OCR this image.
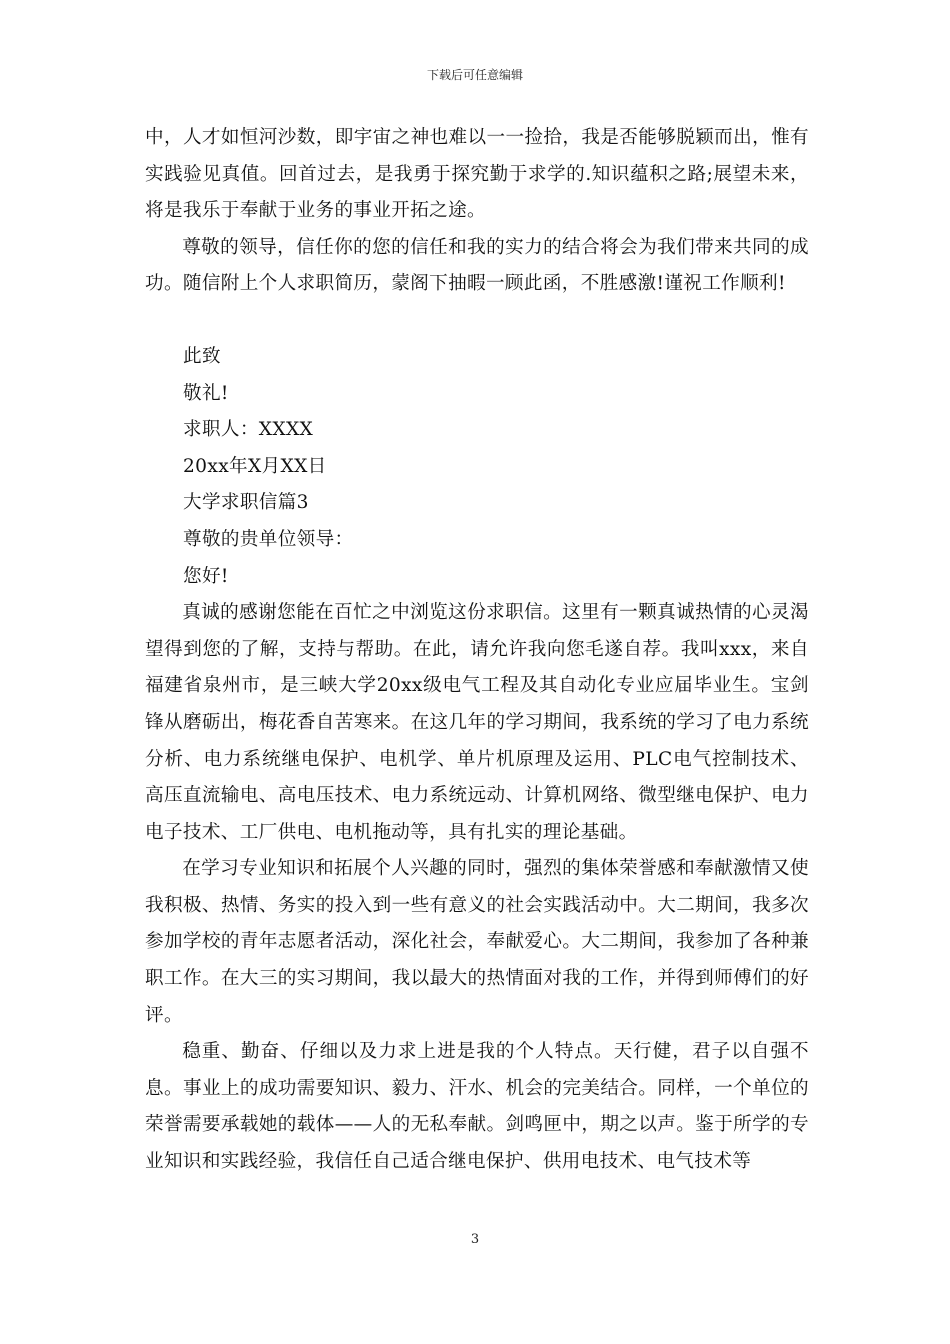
下载后可任意编辑

中，人才如恒河沙数，即宇宙之神也难以一一捡拾，我是否能够脱颖而出，惟有实践验见真值。回首过去，是我勇于探究勤于求学的.知识蕴积之路;展望未来，将是我乐于奉献于业务的事业开拓之途。

尊敬的领导，信任你的您的信任和我的实力的结合将会为我们带来共同的成功。随信附上个人求职简历，蒙阁下抽暇一顾此函，不胜感激!谨祝工作顺利!

此致

敬礼!

求职人：XXXX

20xx年X月XX日

大学求职信篇3

尊敬的贵单位领导：

您好!

真诚的感谢您能在百忙之中浏览这份求职信。这里有一颗真诚热情的心灵渴望得到您的了解，支持与帮助。在此，请允许我向您毛遂自荐。我叫xxx，来自福建省泉州市，是三峡大学20xx级电气工程及其自动化专业应届毕业生。宝剑锋从磨砺出，梅花香自苦寒来。在这几年的学习期间，我系统的学习了电力系统分析、电力系统继电保护、电机学、单片机原理及运用、PLC电气控制技术、高压直流输电、高电压技术、电力系统远动、计算机网络、微型继电保护、电力电子技术、工厂供电、电机拖动等，具有扎实的理论基础。

在学习专业知识和拓展个人兴趣的同时，强烈的集体荣誉感和奉献激情又使我积极、热情、务实的投入到一些有意义的社会实践活动中。大二期间，我多次参加学校的青年志愿者活动，深化社会，奉献爱心。大二期间，我参加了各种兼职工作。在大三的实习期间，我以最大的热情面对我的工作，并得到师傅们的好评。

稳重、勤奋、仔细以及力求上进是我的个人特点。天行健，君子以自强不息。事业上的成功需要知识、毅力、汗水、机会的完美结合。同样，一个单位的荣誉需要承载她的载体——人的无私奉献。剑鸣匣中，期之以声。鉴于所学的专业知识和实践经验，我信任自己适合继电保护、供用电技术、电气技术等

3
